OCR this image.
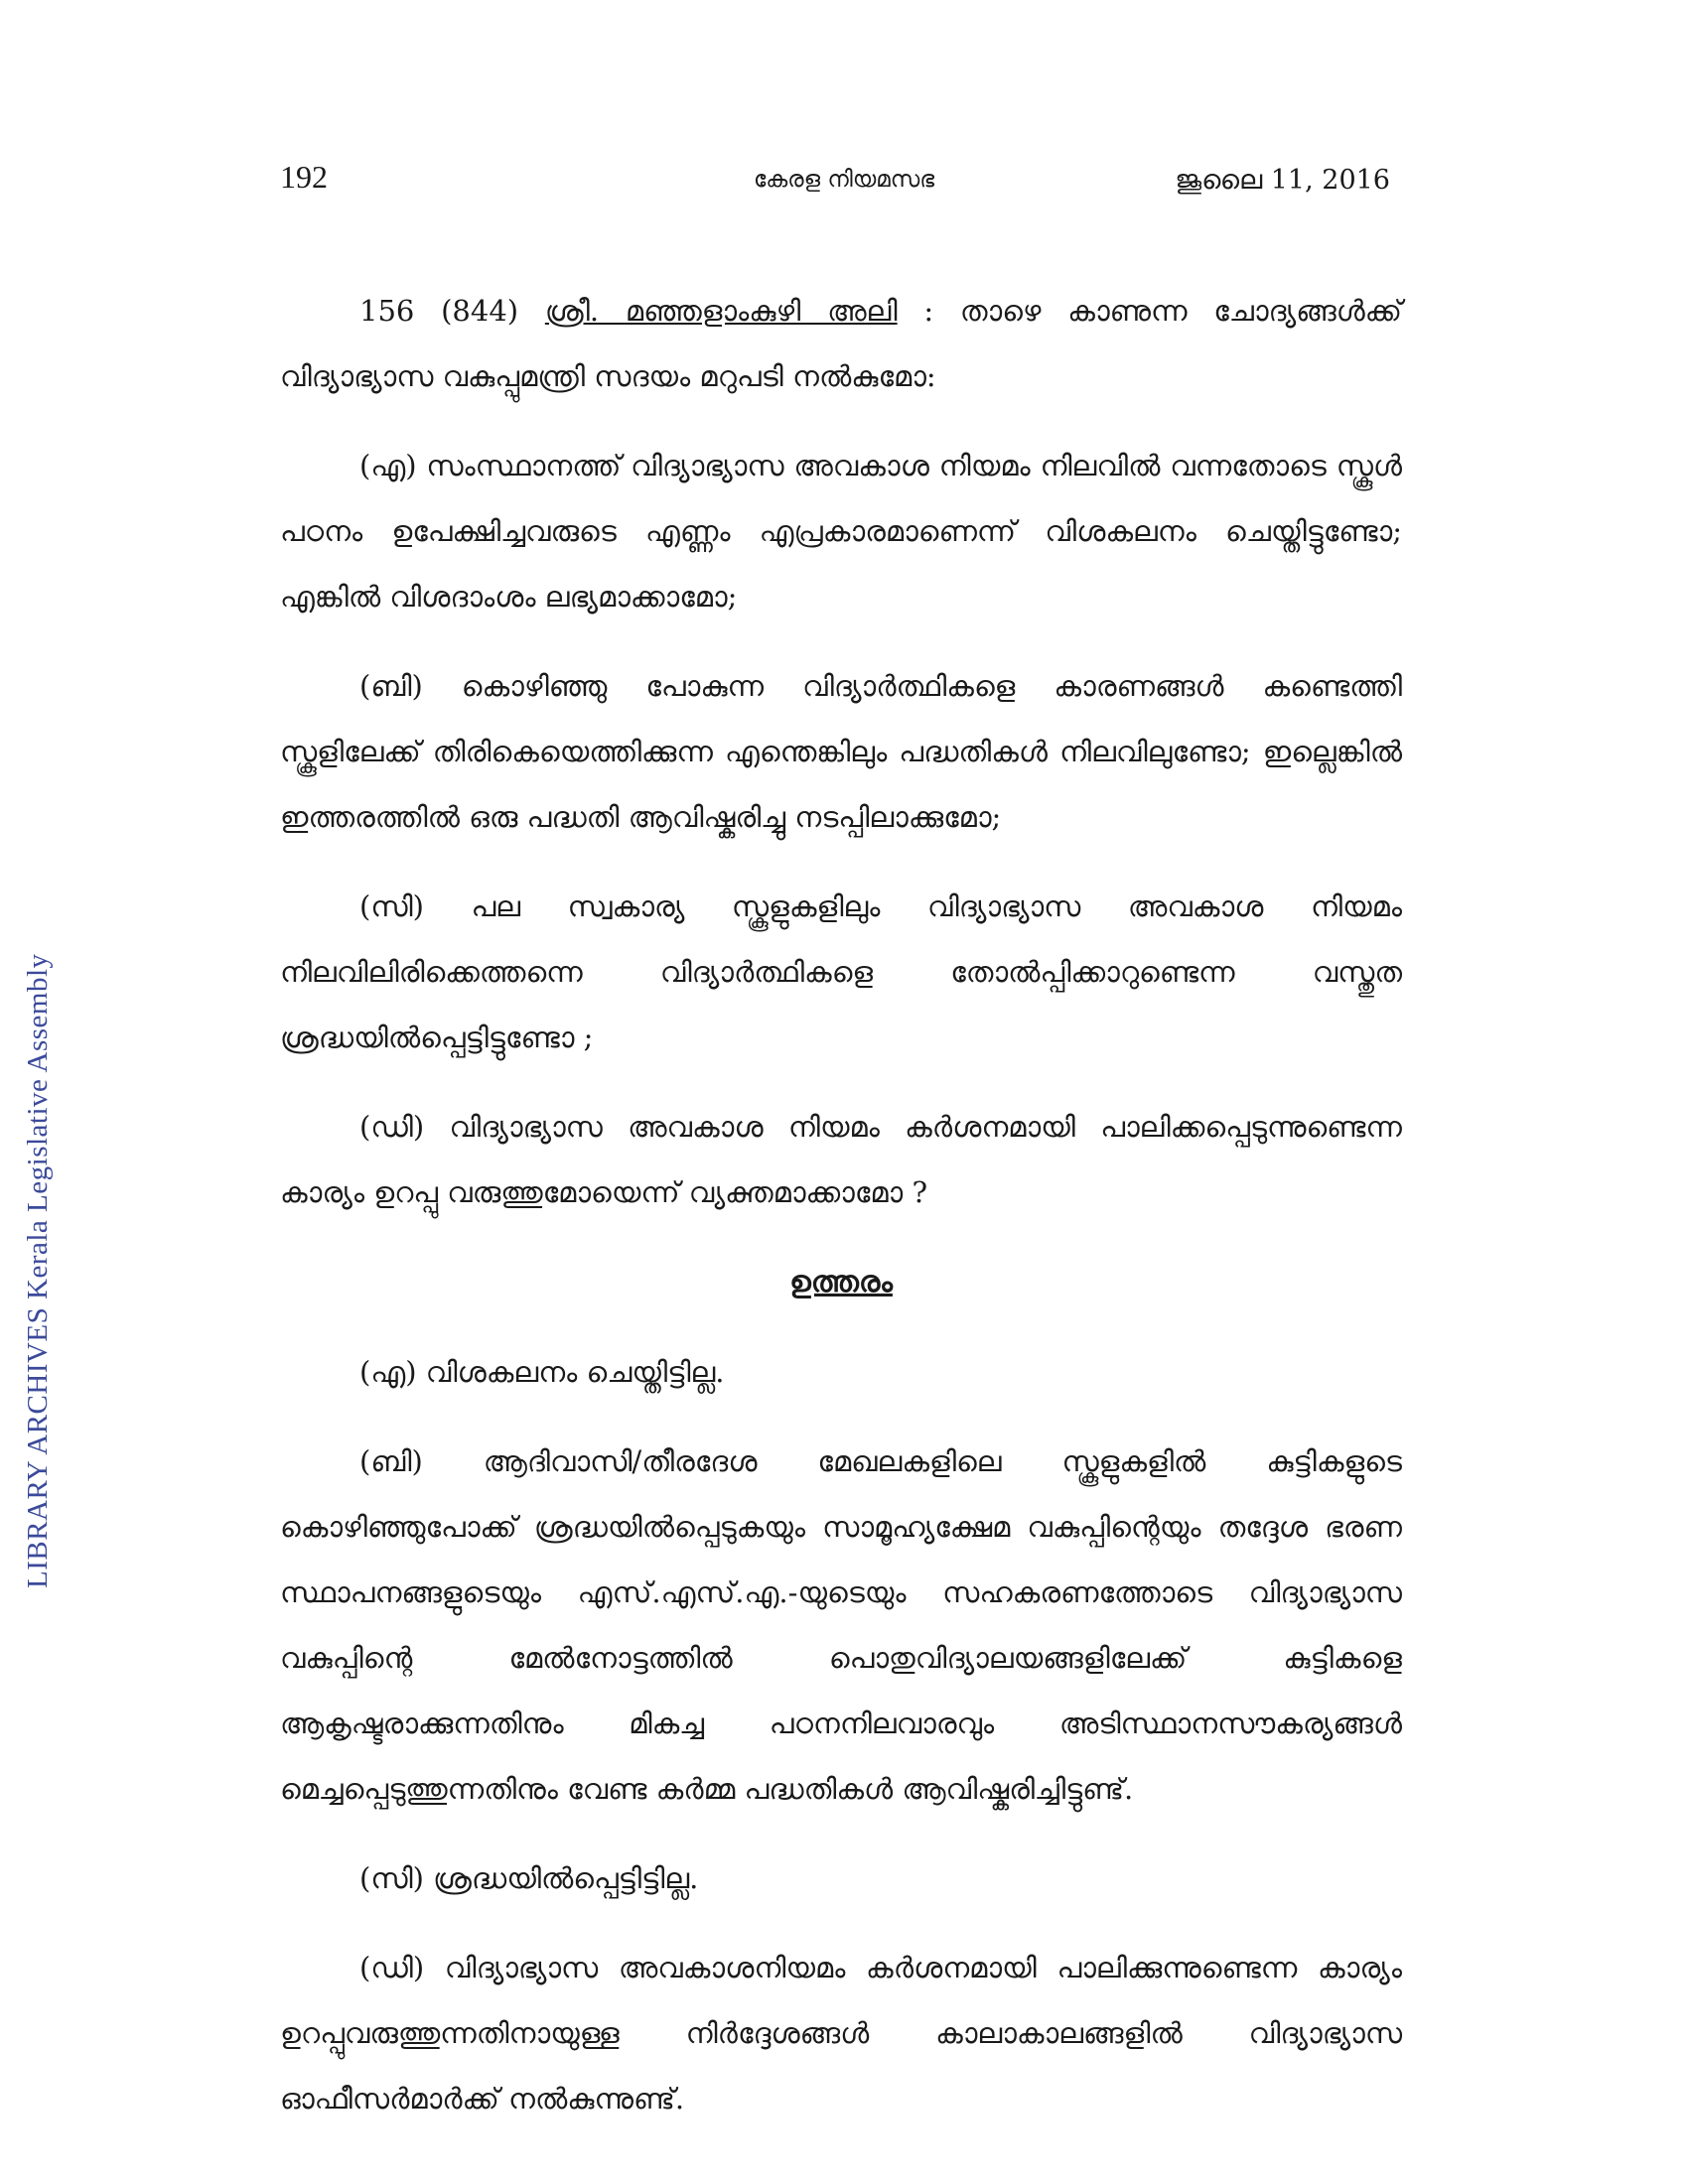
LIBRARY ARCHIVES Kerala Legislative Assembly
192	കേരള നിയമസഭ	ജൂലൈ 11, 2016

156 (844) ശ്രീ. മഞ്ഞളാംകുഴി അലി : താഴെ കാണുന്ന ചോദ്യങ്ങൾക്ക് വിദ്യാഭ്യാസ വകുപ്പുമന്ത്രി സദയം മറുപടി നൽകുമോ:

(എ) സംസ്ഥാനത്ത് വിദ്യാഭ്യാസ അവകാശ നിയമം നിലവിൽ വന്നതോടെ സ്കൂൾ പഠനം ഉപേക്ഷിച്ചവരുടെ എണ്ണം എപ്രകാരമാണെന്ന് വിശകലനം ചെയ്തിട്ടുണ്ടോ; എങ്കിൽ വിശദാംശം ലഭ്യമാക്കാമോ;

(ബി) കൊഴിഞ്ഞു പോകുന്ന വിദ്യാർത്ഥികളെ കാരണങ്ങൾ കണ്ടെത്തി സ്കൂളിലേക്ക് തിരികെയെത്തിക്കുന്ന എന്തെങ്കിലും പദ്ധതികൾ നിലവിലുണ്ടോ; ഇല്ലെങ്കിൽ ഇത്തരത്തിൽ ഒരു പദ്ധതി ആവിഷ്കരിച്ചു നടപ്പിലാക്കുമോ;

(സി) പല സ്വകാര്യ സ്കൂളുകളിലും വിദ്യാഭ്യാസ അവകാശ നിയമം നിലവിലിരിക്കെത്തന്നെ വിദ്യാർത്ഥികളെ തോൽപ്പിക്കാറുണ്ടെന്ന വസ്തുത ശ്രദ്ധയിൽപ്പെട്ടിട്ടുണ്ടോ ;

(ഡി) വിദ്യാഭ്യാസ അവകാശ നിയമം കർശനമായി പാലിക്കപ്പെടുന്നുണ്ടെന്ന കാര്യം ഉറപ്പു വരുത്തുമോയെന്ന് വ്യക്തമാക്കാമോ ?

ഉത്തരം

(എ) വിശകലനം ചെയ്തിട്ടില്ല.

(ബി) ആദിവാസി/തീരദേശ മേഖലകളിലെ സ്കൂളുകളിൽ കുട്ടികളുടെ കൊഴിഞ്ഞുപോക്ക് ശ്രദ്ധയിൽപ്പെടുകയും സാമൂഹ്യക്ഷേമ വകുപ്പിന്റെയും തദ്ദേശ ഭരണ സ്ഥാപനങ്ങളുടെയും എസ്.എസ്.എ.-യുടെയും സഹകരണത്തോടെ വിദ്യാഭ്യാസ വകുപ്പിന്റെ മേൽനോട്ടത്തിൽ പൊതുവിദ്യാലയങ്ങളിലേക്ക് കുട്ടികളെ ആകൃഷ്ടരാക്കുന്നതിനും മികച്ച പഠനനിലവാരവും അടിസ്ഥാനസൗകര്യങ്ങൾ മെച്ചപ്പെടുത്തുന്നതിനും വേണ്ട കർമ്മ പദ്ധതികൾ ആവിഷ്കരിച്ചിട്ടുണ്ട്.

(സി) ശ്രദ്ധയിൽപ്പെട്ടിട്ടില്ല.

(ഡി) വിദ്യാഭ്യാസ അവകാശനിയമം കർശനമായി പാലിക്കുന്നുണ്ടെന്ന കാര്യം ഉറപ്പുവരുത്തുന്നതിനായുള്ള നിർദ്ദേശങ്ങൾ കാലാകാലങ്ങളിൽ വിദ്യാഭ്യാസ ഓഫീസർമാർക്ക് നൽകുന്നുണ്ട്.
